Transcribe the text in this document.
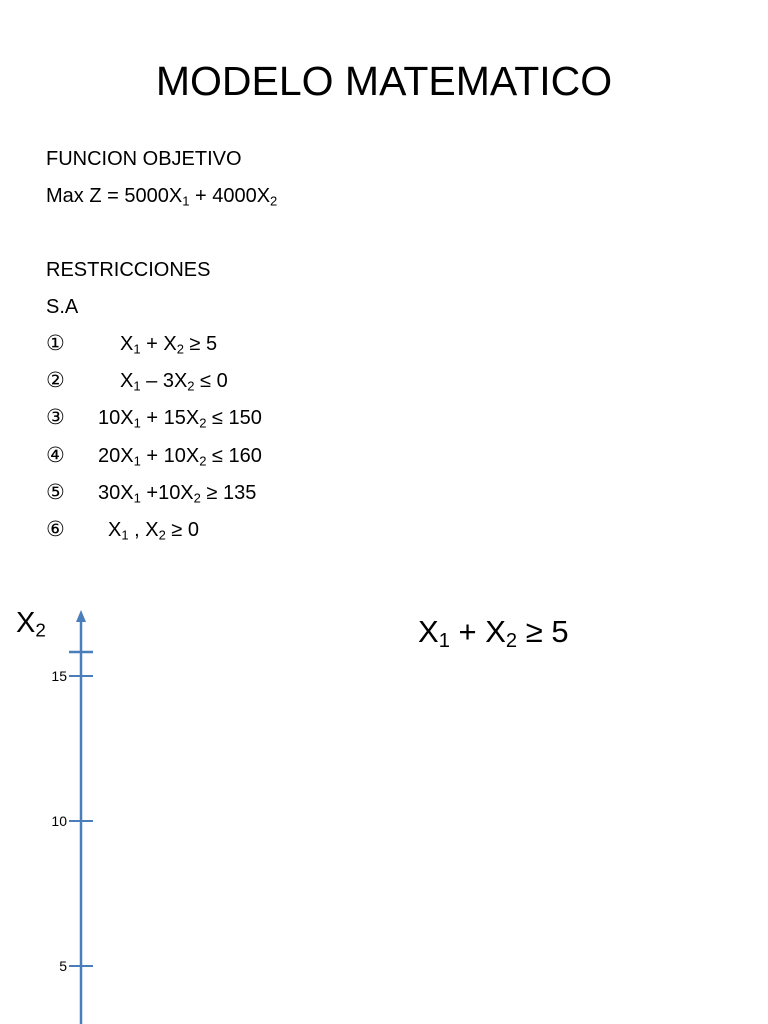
MODELO MATEMATICO
FUNCION OBJETIVO
Max $Z = 5000X_1 + 4000X_2$
RESTRICCIONES
S.A
①	$X_1 + X_2 \ge 5$
②	$X_1 - 3X_2 \le 0$
③ $10X_1 + 15X_2 \le 150$
④ $20X_1 + 10X_2 \le 160$
⑤ $30X_1 +10X_2 \ge 135$
⑥ $X_1$ , $X_2 \ge 0$
$X_2$	$X_1 + X_2 \ge 5$
5
10
15
